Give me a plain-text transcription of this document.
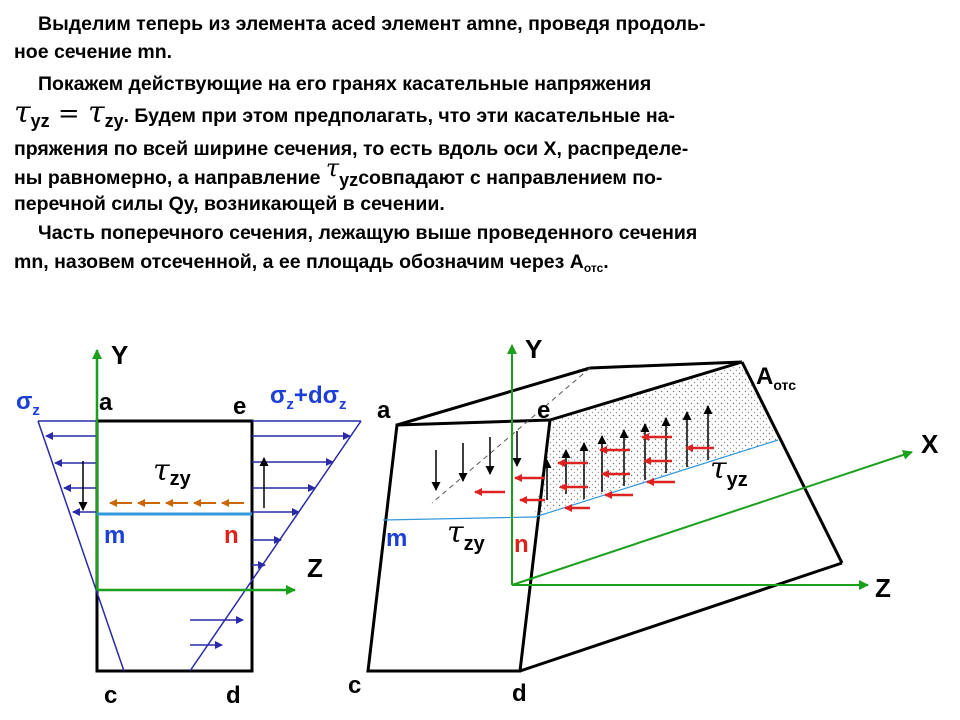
Выделим теперь из элемента aced элемент amne, проведя продоль-

ное сечение mn.

Покажем действующие на его гранях касательные напряжения

τyz = τzy. Будем при этом предполагать, что эти касательные на-

пряжения по всей ширине сечения, то есть вдоль оси X, распределе-

ны равномерно, а направление τyzсовпадают с направлением по-

перечной силы Qy, возникающей в сечении.

Часть поперечного сечения, лежащую выше проведенного сечения

mn, назовем отсеченной, а ее площадь обозначим через $A_{отс}$.

Y
Z
a	e
m	n
c	d
$\sigma_z$
$\sigma_z+d\sigma_z$
τzy
Y
X
Z
a	e
m	n
c	d
$A_{отс}$
$\tau_{zy}$
$\tau_{yz}$
